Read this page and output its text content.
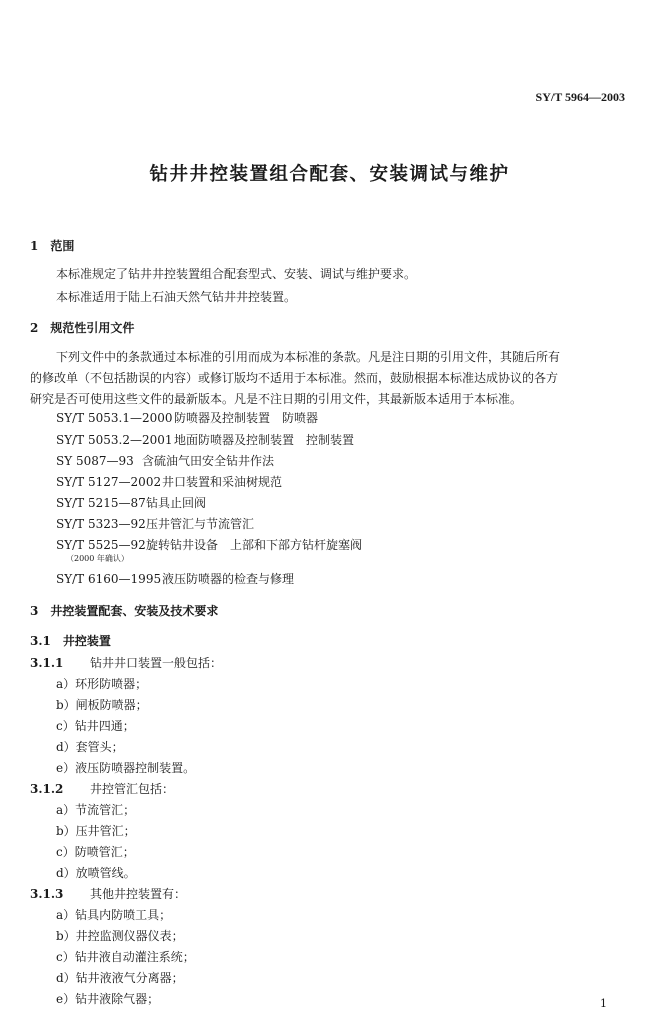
SY/T 5964—2003
钻井井控装置组合配套、安装调试与维护
1　范围
本标准规定了钻井井控装置组合配套型式、安装、调试与维护要求。
本标准适用于陆上石油天然气钻井井控装置。
2　规范性引用文件
下列文件中的条款通过本标准的引用而成为本标准的条款。凡是注日期的引用文件，其随后所有
的修改单（不包括勘误的内容）或修订版均不适用于本标准。然而，鼓励根据本标准达成协议的各方
研究是否可使用这些文件的最新版本。凡是不注日期的引用文件，其最新版本适用于本标准。
SY/T 5053.1—2000防喷器及控制装置　防喷器
SY/T 5053.2—2001地面防喷器及控制装置　控制装置
SY 5087—93 含硫油气田安全钻井作法
SY/T 5127—2002井口装置和采油树规范
SY/T 5215—87钻具止回阀
SY/T 5323—92压井管汇与节流管汇
SY/T 5525—92旋转钻井设备　上部和下部方钻杆旋塞阀
（2000 年确认）
SY/T 6160—1995液压防喷器的检查与修理
3　井控装置配套、安装及技术要求
3.1　井控装置
3.1.1 钻井井口装置一般包括：
a）环形防喷器；
b）闸板防喷器；
c）钻井四通；
d）套管头；
e）液压防喷器控制装置。
3.1.2 井控管汇包括：
a）节流管汇；
b）压井管汇；
c）防喷管汇；
d）放喷管线。
3.1.3 其他井控装置有：
a）钻具内防喷工具；
b）井控监测仪器仪表；
c）钻井液自动灌注系统；
d）钻井液液气分离器；
e）钻井液除气器；	1
